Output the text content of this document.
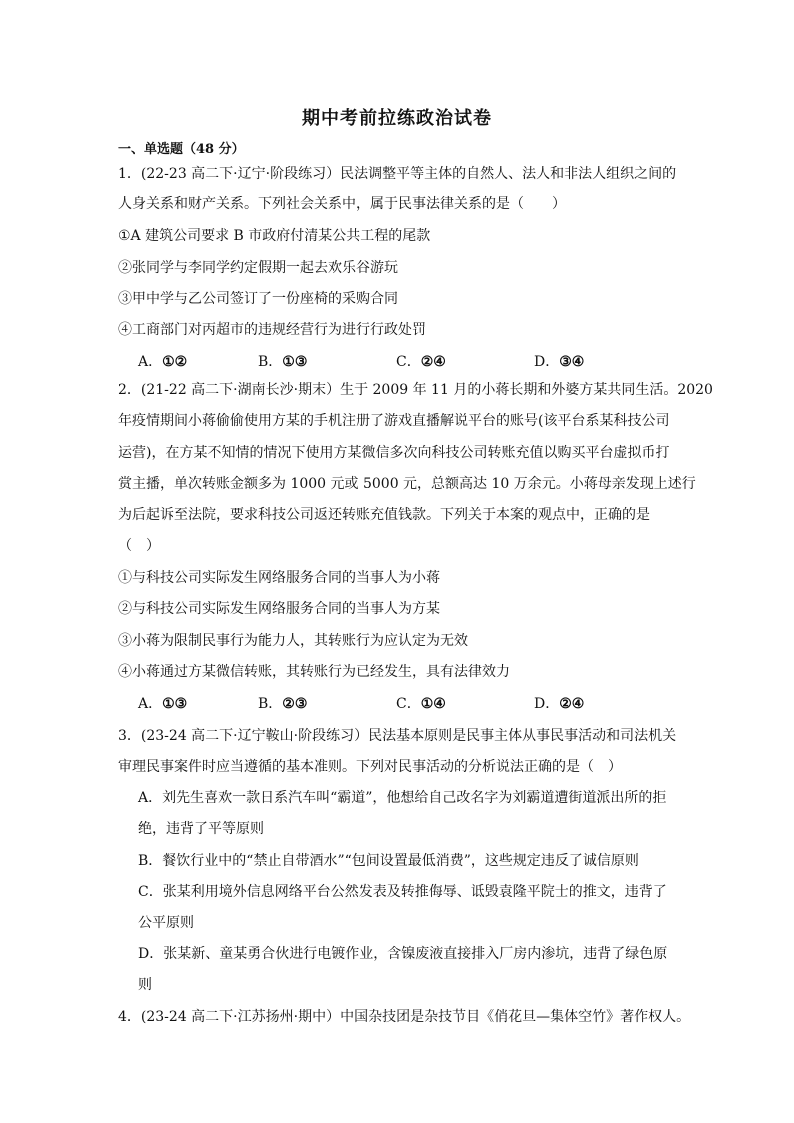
期中考前拉练政治试卷
一、单选题（48 分）
1．(22-23 高二下·辽宁·阶段练习）民法调整平等主体的自然人、法人和非法人组织之间的
人身关系和财产关系。下列社会关系中，属于民事法律关系的是（　　）
①A 建筑公司要求 B 市政府付清某公共工程的尾款
②张同学与李同学约定假期一起去欢乐谷游玩
③甲中学与乙公司签订了一份座椅的采购合同
④工商部门对丙超市的违规经营行为进行行政处罚
A．①②	B．①③	C．②④	D．③④
2．(21-22 高二下·湖南长沙·期末）生于 2009 年 11 月的小蒋长期和外婆方某共同生活。2020
年疫情期间小蒋偷偷使用方某的手机注册了游戏直播解说平台的账号(该平台系某科技公司
运营)，在方某不知情的情况下使用方某微信多次向科技公司转账充值以购买平台虚拟币打
赏主播，单次转账金额多为 1000 元或 5000 元，总额高达 10 万余元。小蒋母亲发现上述行
为后起诉至法院，要求科技公司返还转账充值钱款。下列关于本案的观点中，正确的是
（　）
①与科技公司实际发生网络服务合同的当事人为小蒋
②与科技公司实际发生网络服务合同的当事人为方某
③小蒋为限制民事行为能力人，其转账行为应认定为无效
④小蒋通过方某微信转账，其转账行为已经发生，具有法律效力
A．①③	B．②③	C．①④	D．②④
3．(23-24 高二下·辽宁鞍山·阶段练习）民法基本原则是民事主体从事民事活动和司法机关
审理民事案件时应当遵循的基本准则。下列对民事活动的分析说法正确的是（　）
A．刘先生喜欢一款日系汽车叫“霸道”，他想给自己改名字为刘霸道遭街道派出所的拒
绝，违背了平等原则
B．餐饮行业中的“禁止自带酒水”“包间设置最低消费”，这些规定违反了诚信原则
C．张某利用境外信息网络平台公然发表及转推侮辱、诋毁袁隆平院士的推文，违背了
公平原则
D．张某新、童某勇合伙进行电镀作业，含镍废液直接排入厂房内渗坑，违背了绿色原
则
4．(23-24 高二下·江苏扬州·期中）中国杂技团是杂技节目《俏花旦—集体空竹》著作权人。
